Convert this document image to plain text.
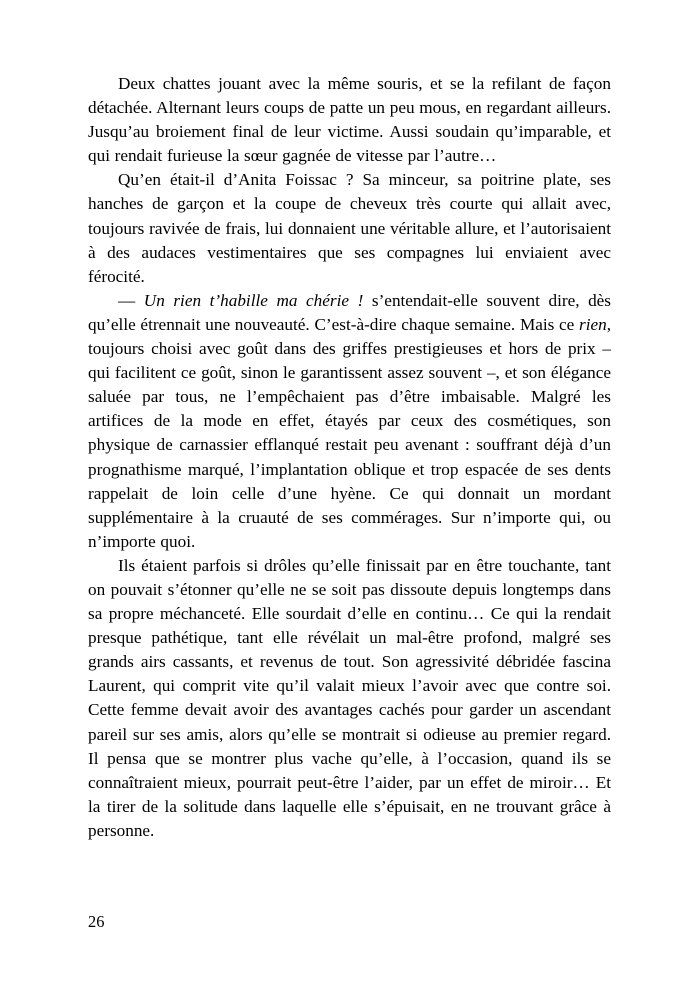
Deux chattes jouant avec la même souris, et se la refilant de façon détachée. Alternant leurs coups de patte un peu mous, en regardant ailleurs. Jusqu’au broiement final de leur victime. Aussi soudain qu’imparable, et qui rendait furieuse la sœur gagnée de vitesse par l’autre…

Qu’en était-il d’Anita Foissac ? Sa minceur, sa poitrine plate, ses hanches de garçon et la coupe de cheveux très courte qui allait avec, toujours ravivée de frais, lui donnaient une véritable allure, et l’autorisaient à des audaces vestimentaires que ses compagnes lui enviaient avec férocité.

— Un rien t’habille ma chérie ! s’entendait-elle souvent dire, dès qu’elle étrennait une nouveauté. C’est-à-dire chaque semaine. Mais ce rien, toujours choisi avec goût dans des griffes prestigieuses et hors de prix – qui facilitent ce goût, sinon le garantissent assez souvent –, et son élégance saluée par tous, ne l’empêchaient pas d’être imbaisable. Malgré les artifices de la mode en effet, étayés par ceux des cosmétiques, son physique de carnassier efflanqué restait peu avenant : souffrant déjà d’un prognathisme marqué, l’implantation oblique et trop espacée de ses dents rappelait de loin celle d’une hyène. Ce qui donnait un mordant supplémentaire à la cruauté de ses commérages. Sur n’importe qui, ou n’importe quoi.

Ils étaient parfois si drôles qu’elle finissait par en être touchante, tant on pouvait s’étonner qu’elle ne se soit pas dissoute depuis longtemps dans sa propre méchanceté. Elle sourdait d’elle en continu… Ce qui la rendait presque pathétique, tant elle révélait un mal-être profond, malgré ses grands airs cassants, et revenus de tout. Son agressivité débridée fascina Laurent, qui comprit vite qu’il valait mieux l’avoir avec que contre soi. Cette femme devait avoir des avantages cachés pour garder un ascendant pareil sur ses amis, alors qu’elle se montrait si odieuse au premier regard. Il pensa que se montrer plus vache qu’elle, à l’occasion, quand ils se connaîtraient mieux, pourrait peut-être l’aider, par un effet de miroir… Et la tirer de la solitude dans laquelle elle s’épuisait, en ne trouvant grâce à personne.

26
